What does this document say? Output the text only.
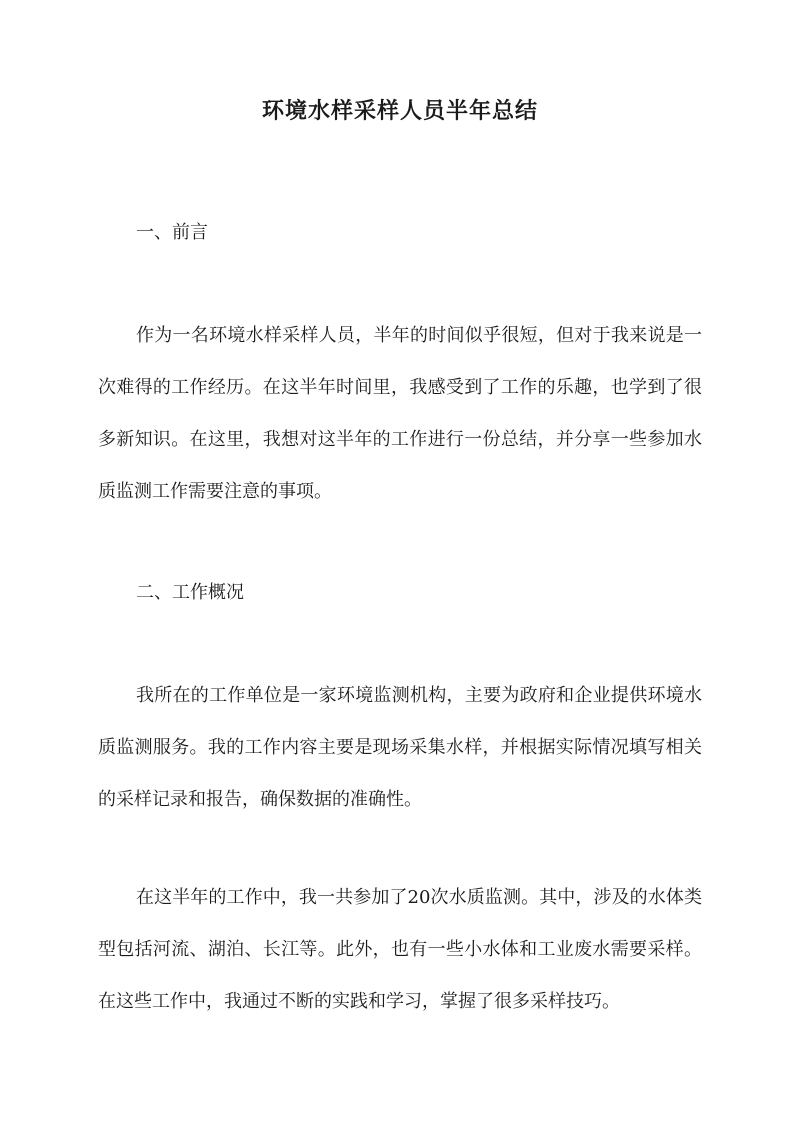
环境水样采样人员半年总结
一、前言

作为一名环境水样采样人员，半年的时间似乎很短，但对于我来说是一次难得的工作经历。在这半年时间里，我感受到了工作的乐趣，也学到了很多新知识。在这里，我想对这半年的工作进行一份总结，并分享一些参加水质监测工作需要注意的事项。

二、工作概况

我所在的工作单位是一家环境监测机构，主要为政府和企业提供环境水质监测服务。我的工作内容主要是现场采集水样，并根据实际情况填写相关的采样记录和报告，确保数据的准确性。

在这半年的工作中，我一共参加了20次水质监测。其中，涉及的水体类型包括河流、湖泊、长江等。此外，也有一些小水体和工业废水需要采样。在这些工作中，我通过不断的实践和学习，掌握了很多采样技巧。
